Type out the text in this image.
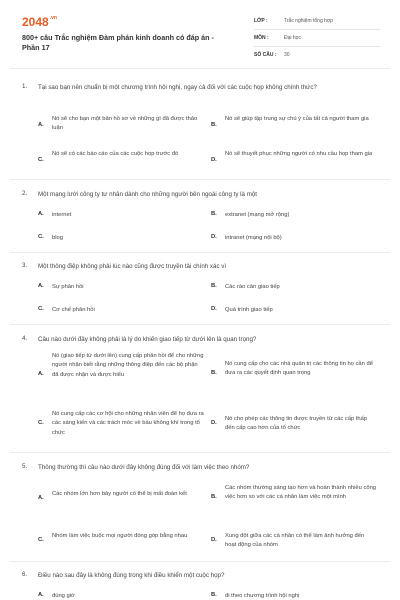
$2048^{.vn}$
800+ câu Trắc nghiệm Đàm phán kinh doanh có đáp án - Phần 17
LỚP :	Trắc nghiệm tổng hợp
MÔN :	Đại học
SỐ CÂU : 30
1. Tại sao bạn nên chuẩn bị một chương trình hội nghị, ngay cả đối với các cuộc họp không chính thức?
A.
Nó sẽ cho bạn một bản hồ sơ về những gì đã được thảo luận
B.
Nó sẽ giúp tập trung sự chú ý của tất cả người tham gia
C.
Nó sẽ có các báo cáo của các cuộc họp trước đó
D.
Nó sẽ thuyết phục những người có nhu cầu họp tham gia
2. Một mạng lưới công ty tư nhân dành cho những người bên ngoài công ty là một
A. internet	B. extranet (mạng mở rộng)
C. blog	D. intranet (mạng nội bộ)
3. Một thông điệp không phải lúc nào cũng được truyền tải chính xác vì
A. Sự phản hồi	B. Các rào cản giao tiếp
C. Cơ chế phản hồi	D. Quá trình giao tiếp
4. Câu nào dưới đây không phải là lý do khiến giao tiếp từ dưới lên là quan trọng?
A.
Nó (giao tiếp từ dưới lên) cung cấp phản hồi để cho những người nhận biết rằng những thông điệp đến các bộ phận đã được nhận và được hiểu	B.
Nó cung cấp cho các nhà quản trị các thông tin họ cần để đưa ra các quyết định quan trọng
C.
Nó cung cấp các cơ hội cho những nhân viên để họ đưa ra các sáng kiến và các trách móc về bầu không khí trong tổ chức
D.
Nó cho phép các thông tin được truyền từ các cấp thấp đến cấp cao hơn của tổ chức
5. Thông thường thì câu nào dưới đây không đúng đối với làm việc theo nhóm?
A.
Các nhóm lớn hơn bảy người có thể bị mất đoàn kết	B.
Các nhóm thường sáng tạo hơn và hoàn thành nhiều công việc hơn so với các cá nhân làm việc một mình
C.
Nhóm làm việc buộc mọi người đóng góp bằng nhau
D.
Xung đột giữa các cá nhân có thể làm ảnh hưởng đến hoạt động của nhóm
6. Điều nào sau đây là không đúng trong khi điều khiển một cuộc họp?
A. đúng giờ	B. đi theo chương trình hội nghị
